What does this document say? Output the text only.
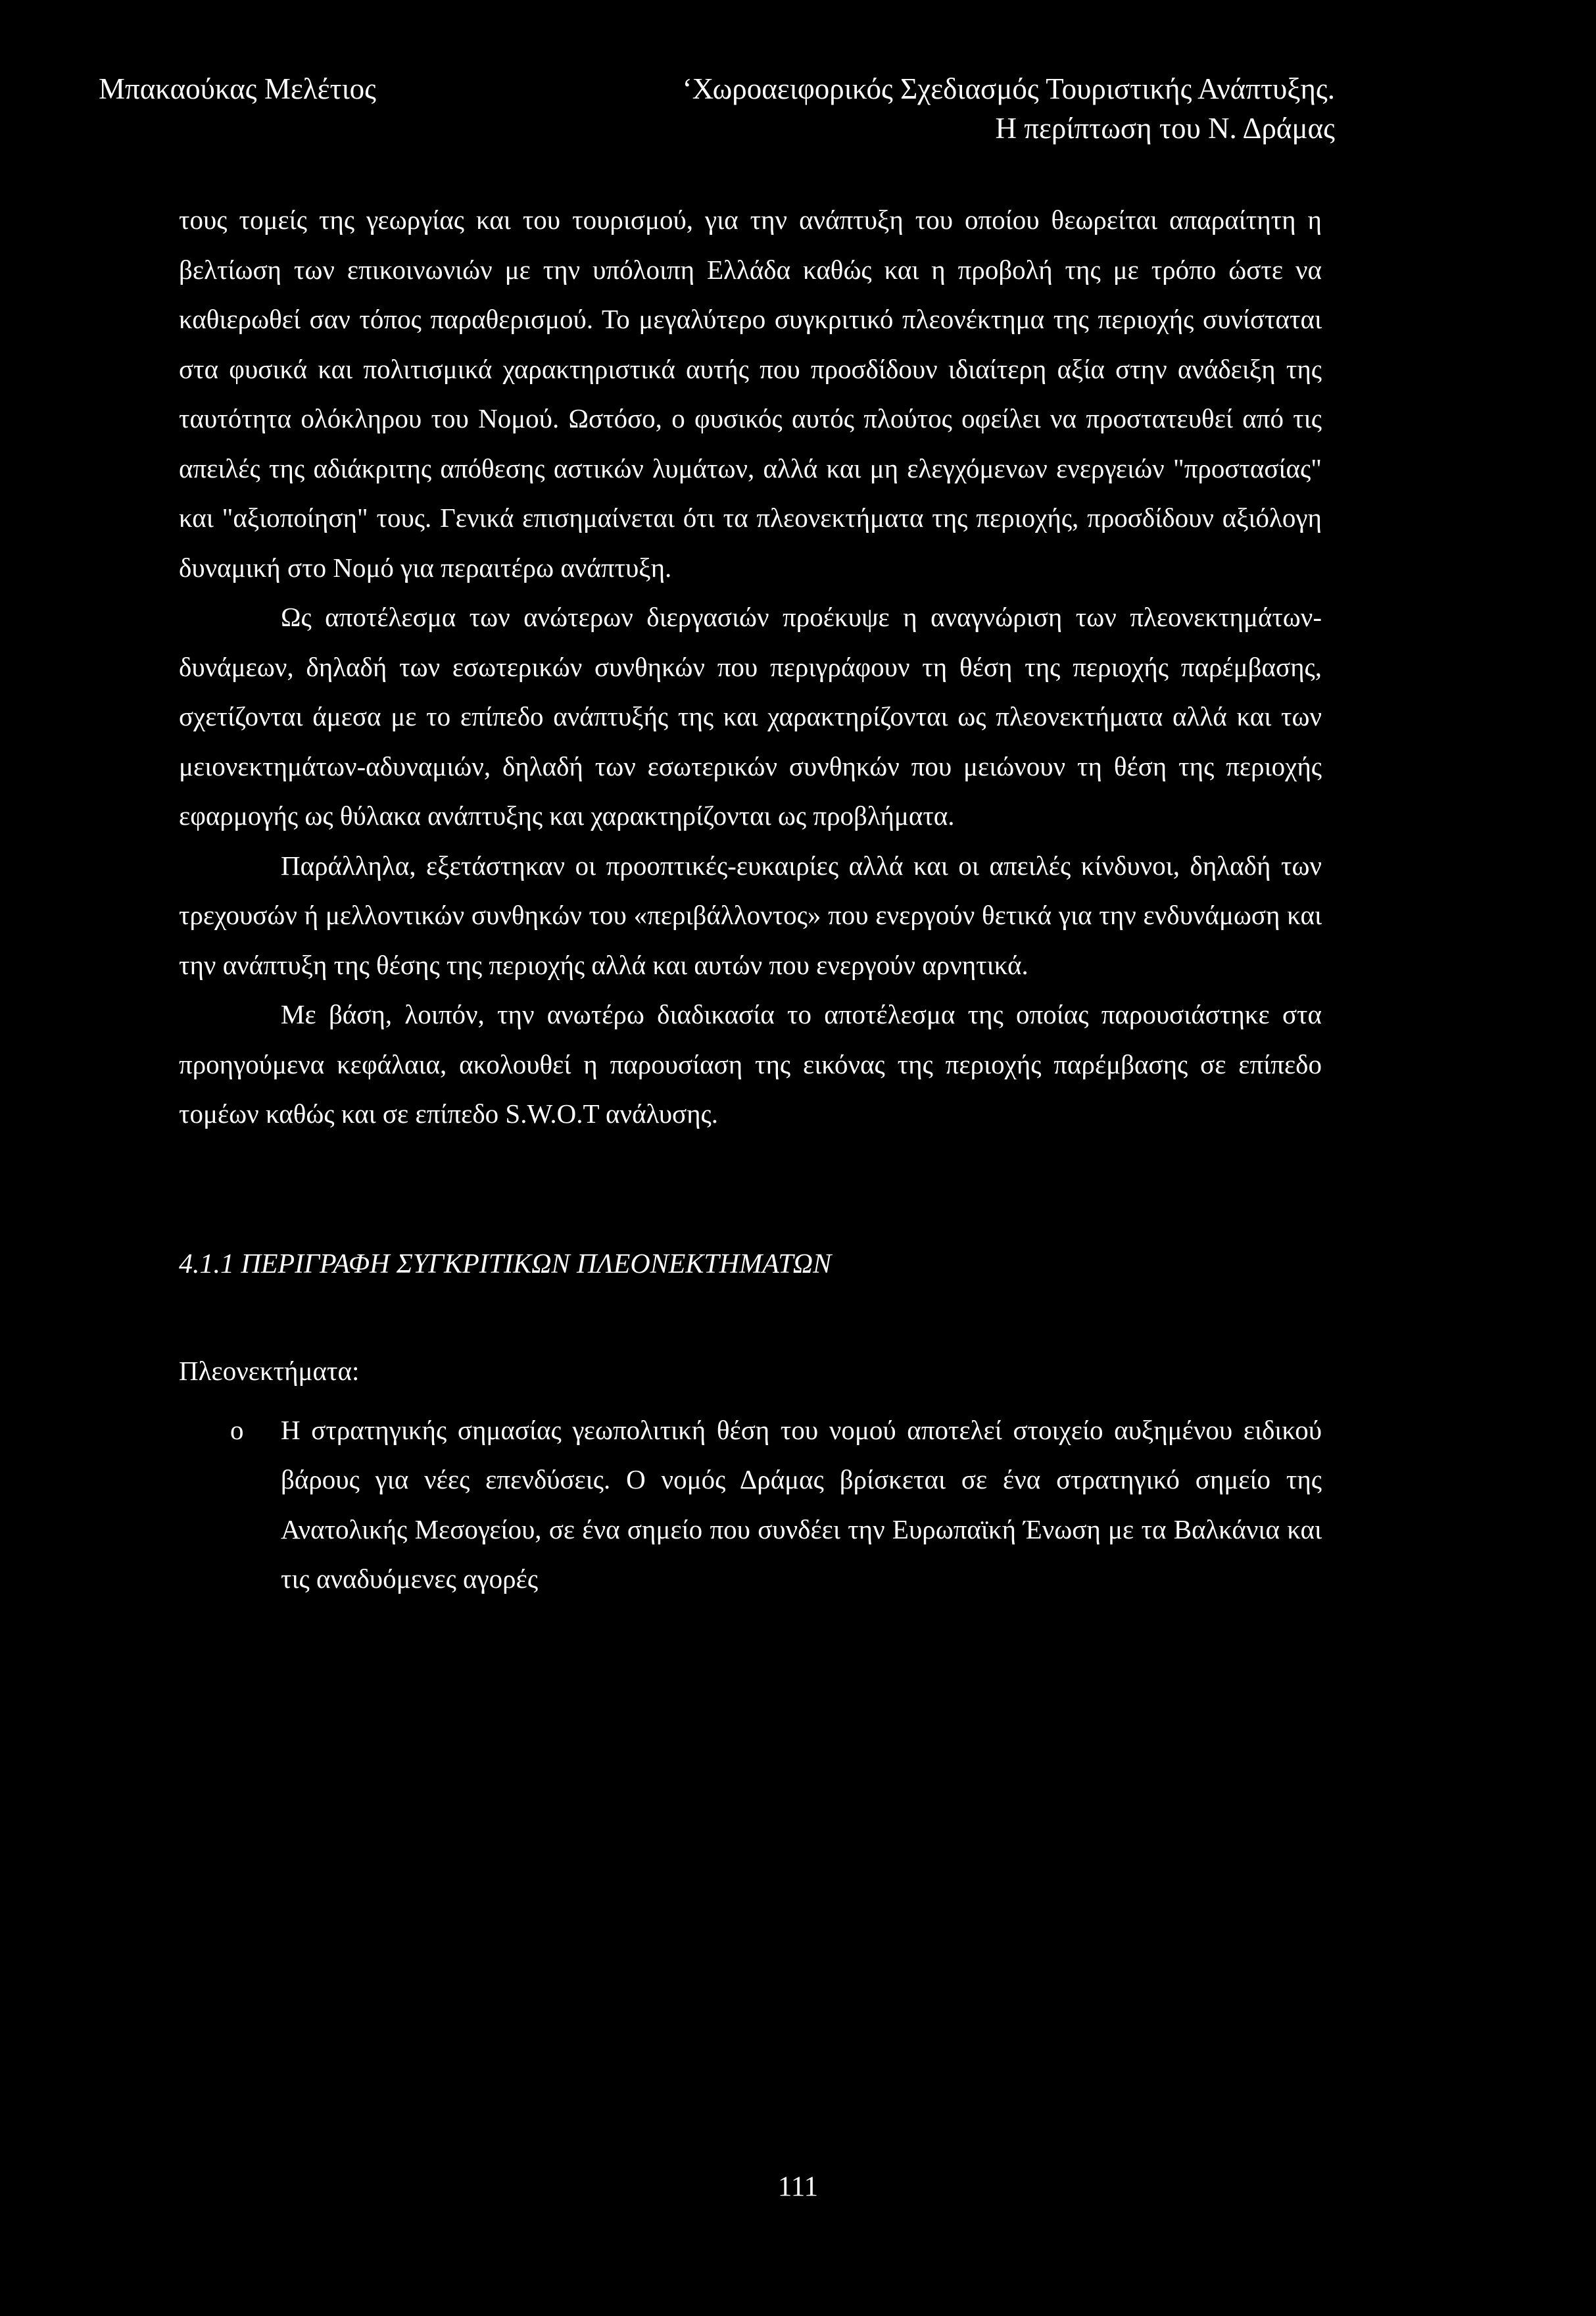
Μπακαούκας Μελέτιος	‘Χωροαειφορικός Σχεδιασμός Τουριστικής Ανάπτυξης.
Η περίπτωση του Ν. Δράμας

τους τομείς της γεωργίας και του τουρισμού, για την ανάπτυξη του οποίου θεωρείται απαραίτητη η βελτίωση των επικοινωνιών με την υπόλοιπη Ελλάδα καθώς και η προβολή της με τρόπο ώστε να καθιερωθεί σαν τόπος παραθερισμού. Το μεγαλύτερο συγκριτικό πλεονέκτημα της περιοχής συνίσταται στα φυσικά και πολιτισμικά χαρακτηριστικά αυτής που προσδίδουν ιδιαίτερη αξία στην ανάδειξη της ταυτότητα ολόκληρου του Νομού. Ωστόσο, ο φυσικός αυτός πλούτος οφείλει να προστατευθεί από τις απειλές της αδιάκριτης απόθεσης αστικών λυμάτων, αλλά και μη ελεγχόμενων ενεργειών "προστασίας" και "αξιοποίηση" τους. Γενικά επισημαίνεται ότι τα πλεονεκτήματα της περιοχής, προσδίδουν αξιόλογη δυναμική στο Νομό για περαιτέρω ανάπτυξη.

Ως αποτέλεσμα των ανώτερων διεργασιών προέκυψε η αναγνώριση των πλεονεκτημάτων-δυνάμεων, δηλαδή των εσωτερικών συνθηκών που περιγράφουν τη θέση της περιοχής παρέμβασης, σχετίζονται άμεσα με το επίπεδο ανάπτυξής της και χαρακτηρίζονται ως πλεονεκτήματα αλλά και των μειονεκτημάτων-αδυναμιών, δηλαδή των εσωτερικών συνθηκών που μειώνουν τη θέση της περιοχής εφαρμογής ως θύλακα ανάπτυξης και χαρακτηρίζονται ως προβλήματα.

Παράλληλα, εξετάστηκαν οι προοπτικές-ευκαιρίες αλλά και οι απειλές κίνδυνοι, δηλαδή των τρεχουσών ή μελλοντικών συνθηκών του «περιβάλλοντος» που ενεργούν θετικά για την ενδυνάμωση και την ανάπτυξη της θέσης της περιοχής αλλά και αυτών που ενεργούν αρνητικά.

Με βάση, λοιπόν, την ανωτέρω διαδικασία το αποτέλεσμα της οποίας παρουσιάστηκε στα προηγούμενα κεφάλαια, ακολουθεί η παρουσίαση της εικόνας της περιοχής παρέμβασης σε επίπεδο τομέων καθώς και σε επίπεδο S.W.O.T ανάλυσης.

4.1.1 ΠΕΡΙΓΡΑΦΗ ΣΥΓΚΡΙΤΙΚΩΝ ΠΛΕΟΝΕΚΤΗΜΑΤΩΝ

Πλεονεκτήματα:

o Η στρατηγικής σημασίας γεωπολιτική θέση του νομού αποτελεί στοιχείο αυξημένου ειδικού βάρους για νέες επενδύσεις. Ο νομός Δράμας βρίσκεται σε ένα στρατηγικό σημείο της Ανατολικής Μεσογείου, σε ένα σημείο που συνδέει την Ευρωπαϊκή Ένωση με τα Βαλκάνια και τις αναδυόμενες αγορές
111
